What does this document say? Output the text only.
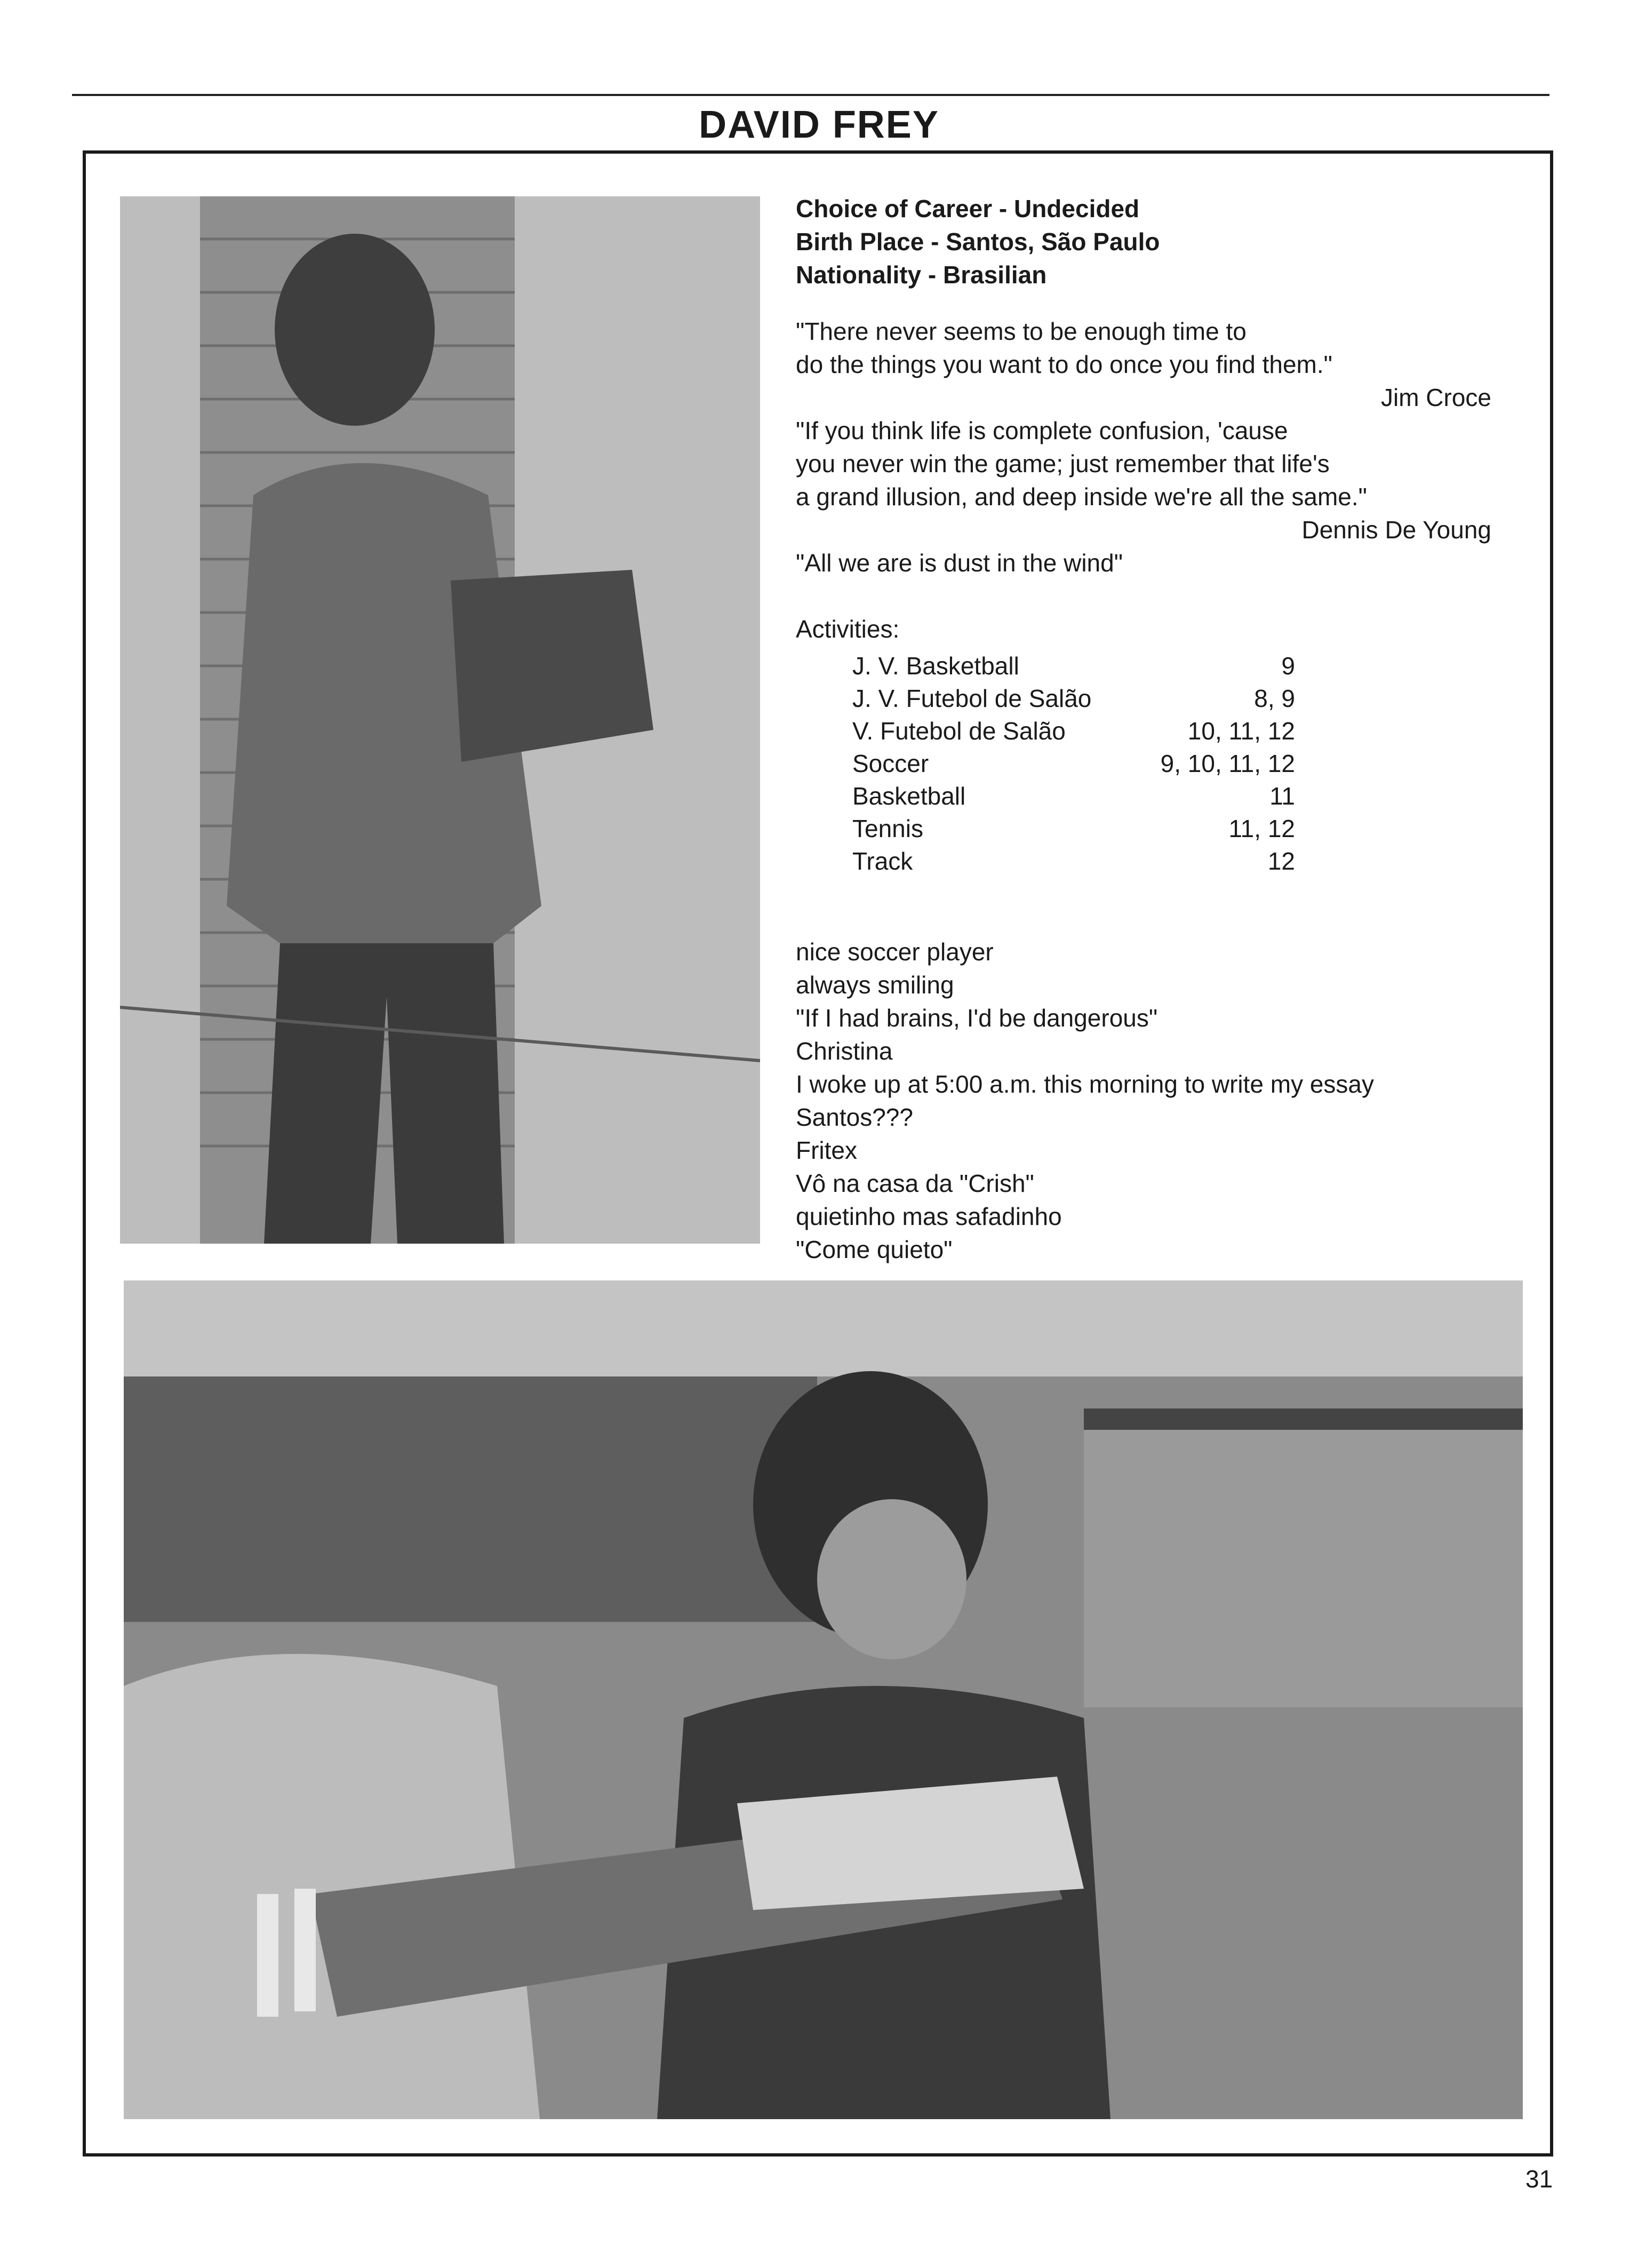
DAVID FREY
Choice of Career - Undecided
Birth Place - Santos, São Paulo
Nationality - Brasilian
"There never seems to be enough time to
do the things you want to do once you find them."
Jim Croce
"If you think life is complete confusion, 'cause
you never win the game; just remember that life's
a grand illusion, and deep inside we're all the same."
Dennis De Young
"All we are is dust in the wind"
Activities:
J. V. Basketball	9
J. V. Futebol de Salão	8, 9
V. Futebol de Salão	10, 11, 12
Soccer	9, 10, 11, 12
Basketball	11
Tennis	11, 12
Track	12
nice soccer player
always smiling
"If I had brains, I'd be dangerous"
Christina
I woke up at 5:00 a.m. this morning to write my essay
Santos???
Fritex
Vô na casa da "Crish"
quietinho mas safadinho
"Come quieto"
31
